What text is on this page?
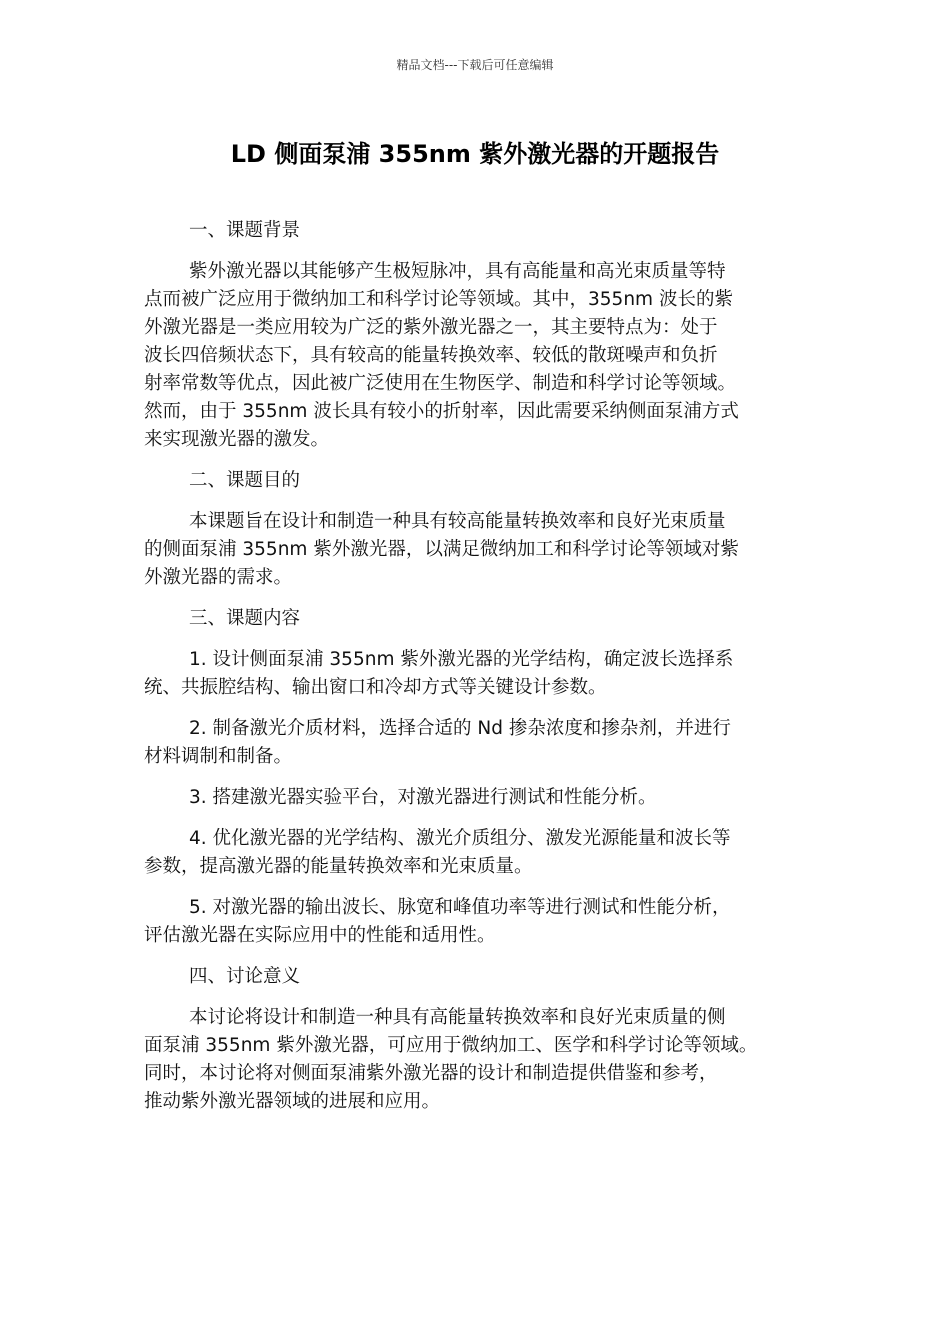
精品文档---下载后可任意编辑
LD 侧面泵浦 355nm 紫外激光器的开题报告
一、课题背景
紫外激光器以其能够产生极短脉冲，具有高能量和高光束质量等特
点而被广泛应用于微纳加工和科学讨论等领域。其中，355nm 波长的紫
外激光器是一类应用较为广泛的紫外激光器之一，其主要特点为：处于
波长四倍频状态下，具有较高的能量转换效率、较低的散斑噪声和负折
射率常数等优点，因此被广泛使用在生物医学、制造和科学讨论等领域。
然而，由于 355nm 波长具有较小的折射率，因此需要采纳侧面泵浦方式
来实现激光器的激发。
二、课题目的
本课题旨在设计和制造一种具有较高能量转换效率和良好光束质量
的侧面泵浦 355nm 紫外激光器，以满足微纳加工和科学讨论等领域对紫
外激光器的需求。
三、课题内容
1. 设计侧面泵浦 355nm 紫外激光器的光学结构，确定波长选择系
统、共振腔结构、输出窗口和冷却方式等关键设计参数。
2. 制备激光介质材料，选择合适的 Nd 掺杂浓度和掺杂剂，并进行
材料调制和制备。
3. 搭建激光器实验平台，对激光器进行测试和性能分析。
4. 优化激光器的光学结构、激光介质组分、激发光源能量和波长等
参数，提高激光器的能量转换效率和光束质量。
5. 对激光器的输出波长、脉宽和峰值功率等进行测试和性能分析，
评估激光器在实际应用中的性能和适用性。
四、讨论意义
本讨论将设计和制造一种具有高能量转换效率和良好光束质量的侧
面泵浦 355nm 紫外激光器，可应用于微纳加工、医学和科学讨论等领域。
同时，本讨论将对侧面泵浦紫外激光器的设计和制造提供借鉴和参考，
推动紫外激光器领域的进展和应用。
